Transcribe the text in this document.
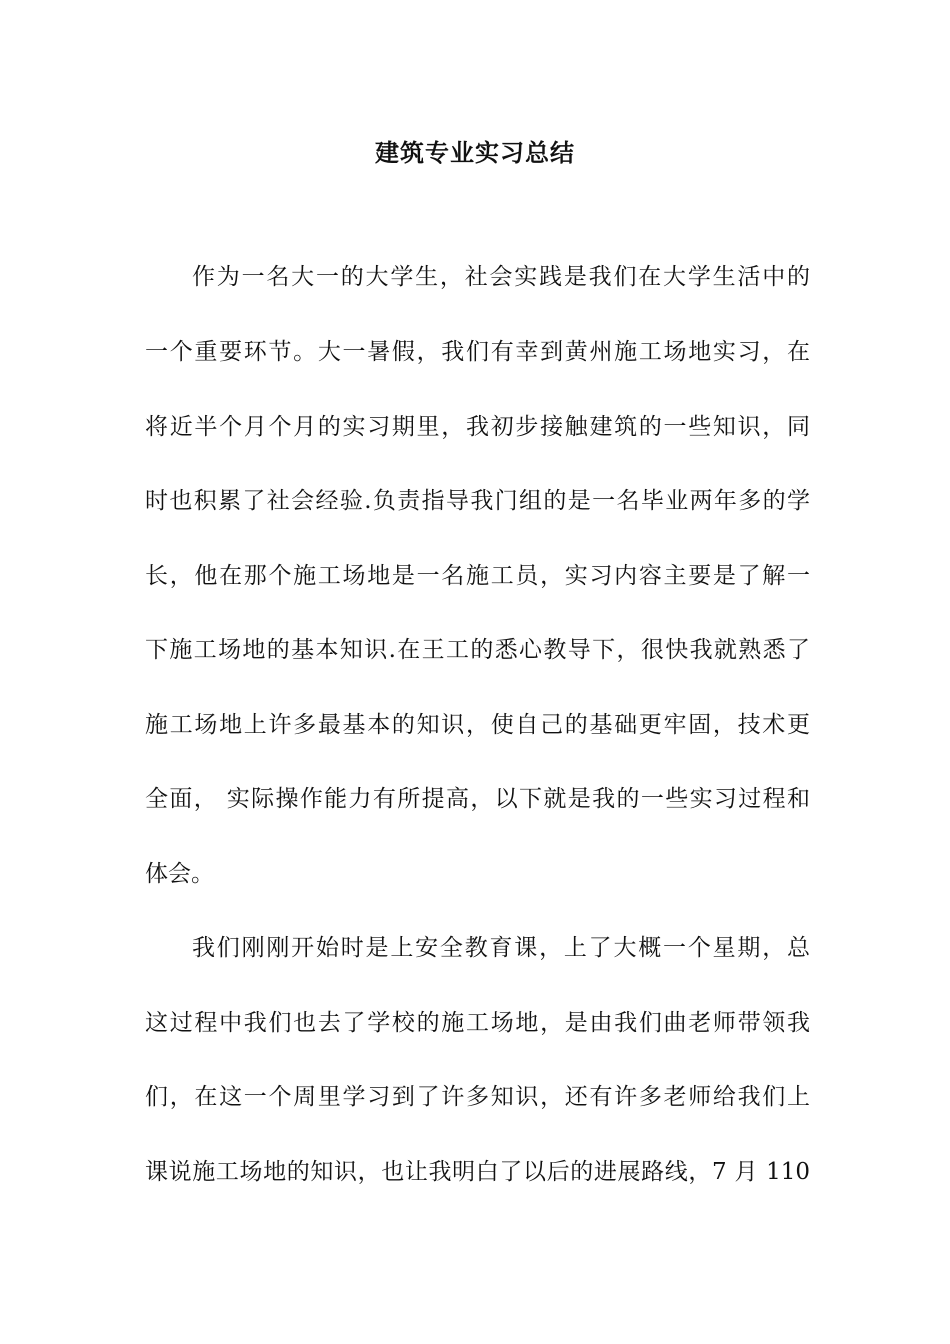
建筑专业实习总结
作为一名大一的大学生，社会实践是我们在大学生活中的
一个重要环节。大一暑假，我们有幸到黄州施工场地实习，在
将近半个月个月的实习期里，我初步接触建筑的一些知识，同
时也积累了社会经验.负责指导我门组的是一名毕业两年多的学
长，他在那个施工场地是一名施工员，实习内容主要是了解一
下施工场地的基本知识.在王工的悉心教导下，很快我就熟悉了
施工场地上许多最基本的知识，使自己的基础更牢固，技术更
全面， 实际操作能力有所提高，以下就是我的一些实习过程和
体会。
我们刚刚开始时是上安全教育课，上了大概一个星期，总
这过程中我们也去了学校的施工场地，是由我们曲老师带领我
们，在这一个周里学习到了许多知识，还有许多老师给我们上
课说施工场地的知识，也让我明白了以后的进展路线，7 月 110
